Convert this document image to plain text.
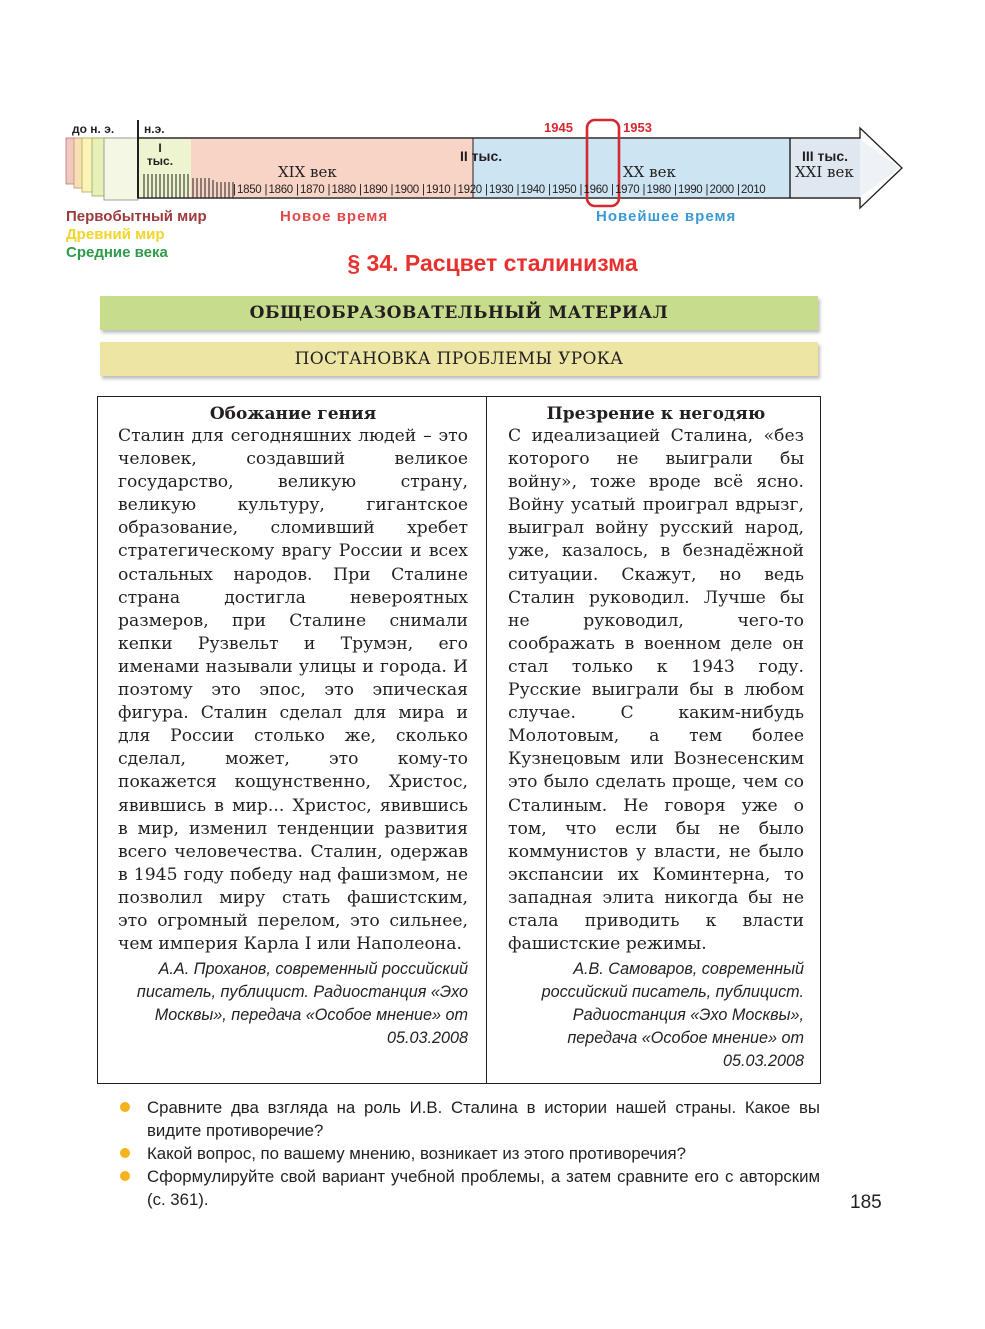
до н. э. н.э.
I
тыс.	II тыс.	III тыс.
XIX век	XX век	XXI век
1945	1953
| 1850 | 1860 | 1870 | 1880 | 1890 | 1900 | 1910 | 1920 | 1930 | 1940 | 1950 | 1960 | 1970 | 1980 | 1990 | 2000 | 2010
Первобытный мир
Древний мир
Средние века
Новое время	Новейшее время
§ 34. Расцвет сталинизма
ОБЩЕОБРАЗОВАТЕЛЬНЫЙ МАТЕРИАЛ
ПОСТАНОВКА ПРОБЛЕМЫ УРОКА
Обожание гения

Сталин для сегодняшних людей – это человек, создавший великое государство, великую страну, великую культуру, гигантское образование, сломивший хребет стратегическому врагу России и всех остальных народов. При Сталине страна достигла невероятных размеров, при Сталине снимали кепки Рузвельт и Трумэн, его именами называли улицы и города. И поэтому это эпос, это эпическая фигура. Сталин сделал для мира и для России столько же, сколько сделал, может, это кому-то покажется кощунственно, Христос, явившись в мир... Христос, явившись в мир, изменил тенденции развития всего человечества. Сталин, одержав в 1945 году победу над фашизмом, не позволил миру стать фашистским, это огромный перелом, это сильнее, чем империя Карла I или Наполеона.

А.А. Проханов, современный российский писатель, публицист. Радиостанция «Эхо Москвы», передача «Особое мнение» от 05.03.2008

Презрение к негодяю

С идеализацией Сталина, «без которого не выиграли бы войну», тоже вроде всё ясно. Войну усатый проиграл вдрызг, выиграл войну русский народ, уже, казалось, в безнадёжной ситуации. Скажут, но ведь Сталин руководил. Лучше бы не руководил, чего-то соображать в военном деле он стал только к 1943 году. Русские выиграли бы в любом случае. С каким-нибудь Молотовым, а тем более Кузнецовым или Вознесенским это было сделать проще, чем со Сталиным. Не говоря уже о том, что если бы не было коммунистов у власти, не было экспансии их Коминтерна, то западная элита никогда бы не стала приводить к власти фашистские режимы.

А.В. Самоваров, современный российский писатель, публицист. Радиостанция «Эхо Москвы», передача «Особое мнение» от 05.03.2008

Сравните два взгляда на роль И.В. Сталина в истории нашей страны. Какое вы видите противоречие?
Какой вопрос, по вашему мнению, возникает из этого противоречия?
Сформулируйте свой вариант учебной проблемы, а затем сравните его с авторским (с. 361).	185
